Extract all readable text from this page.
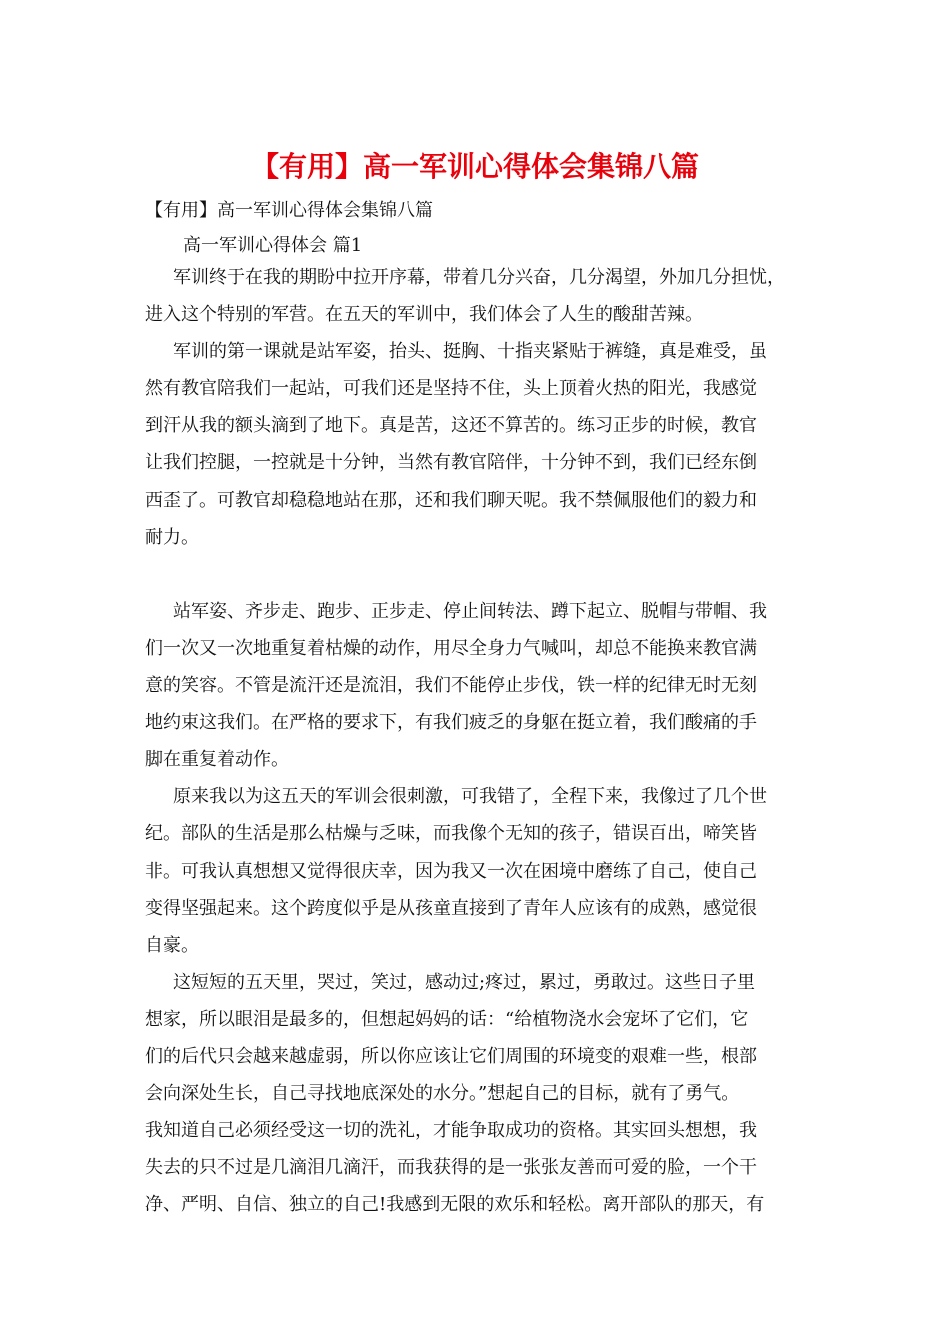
【有用】高一军训心得体会集锦八篇

【有用】高一军训心得体会集锦八篇

高一军训心得体会 篇1

军训终于在我的期盼中拉开序幕，带着几分兴奋，几分渴望，外加几分担忧，

进入这个特别的军营。在五天的军训中，我们体会了人生的酸甜苦辣。

军训的第一课就是站军姿，抬头、挺胸、十指夹紧贴于裤缝，真是难受，虽

然有教官陪我们一起站，可我们还是坚持不住，头上顶着火热的阳光，我感觉

到汗从我的额头滴到了地下。真是苦，这还不算苦的。练习正步的时候，教官

让我们控腿，一控就是十分钟，当然有教官陪伴，十分钟不到，我们已经东倒

西歪了。可教官却稳稳地站在那，还和我们聊天呢。我不禁佩服他们的毅力和

耐力。

站军姿、齐步走、跑步、正步走、停止间转法、蹲下起立、脱帽与带帽、我

们一次又一次地重复着枯燥的动作，用尽全身力气喊叫，却总不能换来教官满

意的笑容。不管是流汗还是流泪，我们不能停止步伐，铁一样的纪律无时无刻

地约束这我们。在严格的要求下，有我们疲乏的身躯在挺立着，我们酸痛的手

脚在重复着动作。

原来我以为这五天的军训会很刺激，可我错了，全程下来，我像过了几个世

纪。部队的生活是那么枯燥与乏味，而我像个无知的孩子，错误百出，啼笑皆

非。可我认真想想又觉得很庆幸，因为我又一次在困境中磨练了自己，使自己

变得坚强起来。这个跨度似乎是从孩童直接到了青年人应该有的成熟，感觉很

自豪。

这短短的五天里，哭过，笑过，感动过;疼过，累过，勇敢过。这些日子里

想家，所以眼泪是最多的，但想起妈妈的话：“给植物浇水会宠坏了它们，它

们的后代只会越来越虚弱，所以你应该让它们周围的环境变的艰难一些，根部

会向深处生长，自己寻找地底深处的水分。”想起自己的目标，就有了勇气。

我知道自己必须经受这一切的洗礼，才能争取成功的资格。其实回头想想，我

失去的只不过是几滴泪几滴汗，而我获得的是一张张友善而可爱的脸，一个干

净、严明、自信、独立的自己!我感到无限的欢乐和轻松。离开部队的那天，有
